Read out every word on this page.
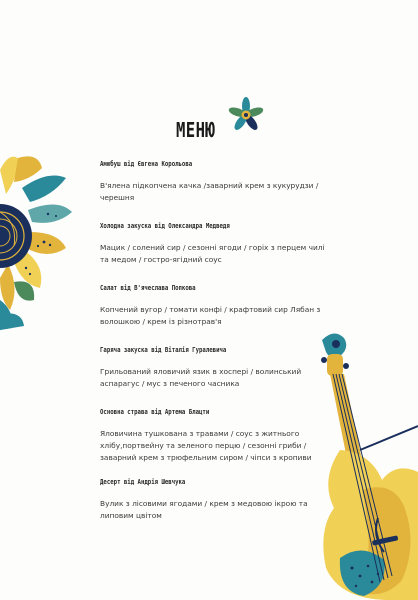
МЕНЮ
Амюбуш від Євгена Корольова
В'ялена підкопчена качка /заварний крем з кукурудзи / черешня
Холодна закуска від Олександра Медведя
Мацик / солений сир / сезонні ягоди / горіх з перцем чилі та медом / гостро-ягідний соус
Салат від В'ячеслава Попкова
Копчений вугор / томати конфі / крафтовий сир Лябан з волошкою / крем із різнотрав'я
Гаряча закуска від Віталія Гуралевича
Грильований яловичий язик в хоспері / волинський аспарагус / мус з печеного часника
Основна страва від Артема Блацти
Яловичина тушкована з травами / соус з житнього хлібу,портвейну та зеленого перцю / сезонні гриби / заварний крем з трюфельним сиром / чіпси з кропиви
Десерт від Андрія Шевчука
Вулик з лісовими ягодами / крем з медовою ікрою та липовим цвітом
